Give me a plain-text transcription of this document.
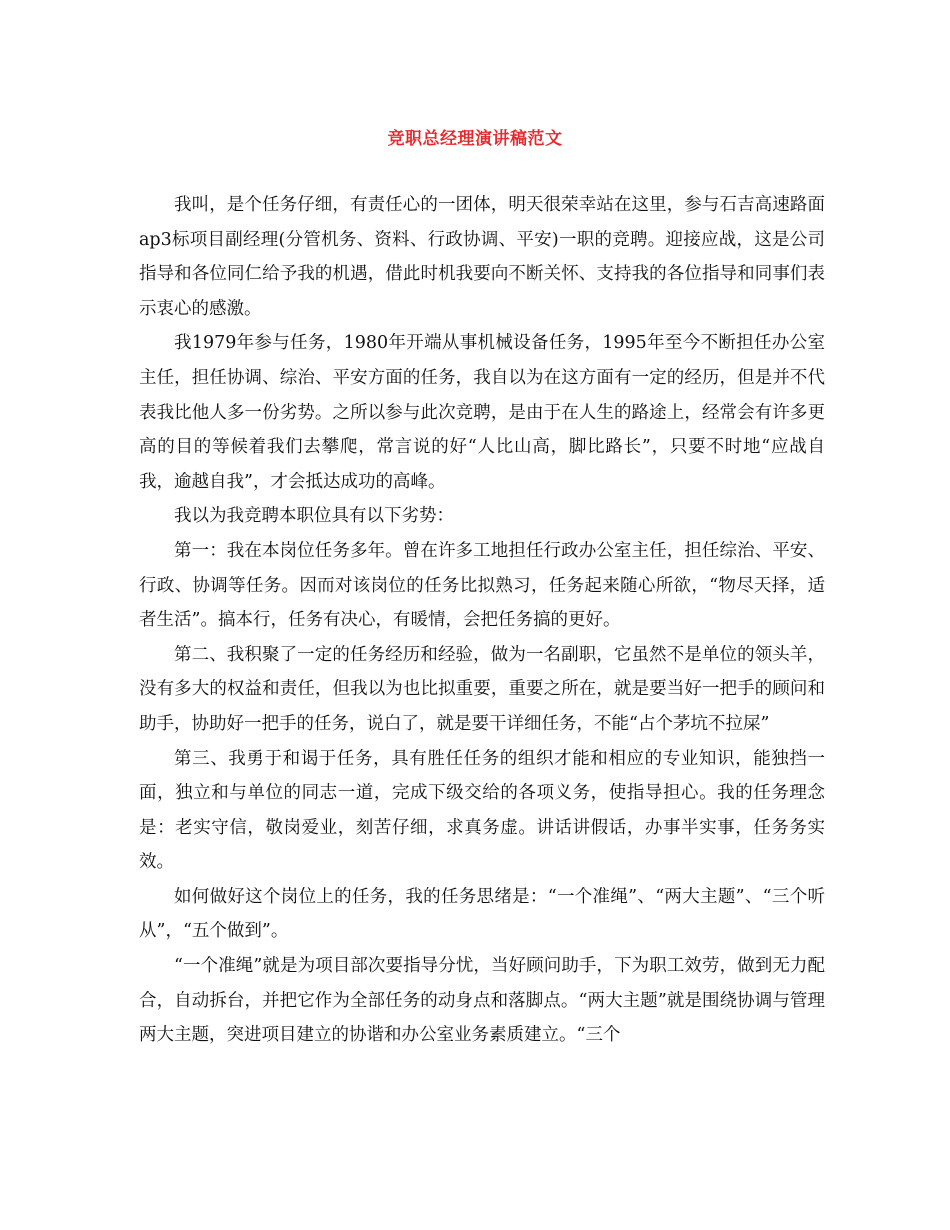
竞职总经理演讲稿范文

我叫，是个任务仔细，有责任心的一团体，明天很荣幸站在这里，参与石吉高速路面ap3标项目副经理(分管机务、资料、行政协调、平安)一职的竞聘。迎接应战，这是公司指导和各位同仁给予我的机遇，借此时机我要向不断关怀、支持我的各位指导和同事们表示衷心的感激。

我1979年参与任务，1980年开端从事机械设备任务，1995年至今不断担任办公室主任，担任协调、综治、平安方面的任务，我自以为在这方面有一定的经历，但是并不代表我比他人多一份劣势。之所以参与此次竞聘，是由于在人生的路途上，经常会有许多更高的目的等候着我们去攀爬，常言说的好“人比山高，脚比路长”，只要不时地“应战自我，逾越自我”，才会抵达成功的高峰。

我以为我竞聘本职位具有以下劣势：

第一：我在本岗位任务多年。曾在许多工地担任行政办公室主任，担任综治、平安、行政、协调等任务。因而对该岗位的任务比拟熟习，任务起来随心所欲，“物尽天择，适者生活”。搞本行，任务有决心，有暖情，会把任务搞的更好。

第二、我积聚了一定的任务经历和经验，做为一名副职，它虽然不是单位的领头羊，没有多大的权益和责任，但我以为也比拟重要，重要之所在，就是要当好一把手的顾问和助手，协助好一把手的任务，说白了，就是要干详细任务，不能“占个茅坑不拉屎”

第三、我勇于和谒于任务，具有胜任任务的组织才能和相应的专业知识，能独挡一面，独立和与单位的同志一道，完成下级交给的各项义务，使指导担心。我的任务理念是：老实守信，敬岗爱业，刻苦仔细，求真务虚。讲话讲假话，办事半实事，任务务实效。

如何做好这个岗位上的任务，我的任务思绪是：“一个准绳”、“两大主题”、“三个听从”，“五个做到”。

“一个准绳”就是为项目部次要指导分忧，当好顾问助手，下为职工效劳，做到无力配合，自动拆台，并把它作为全部任务的动身点和落脚点。“两大主题”就是围绕协调与管理两大主题，突进项目建立的协谐和办公室业务素质建立。“三个
